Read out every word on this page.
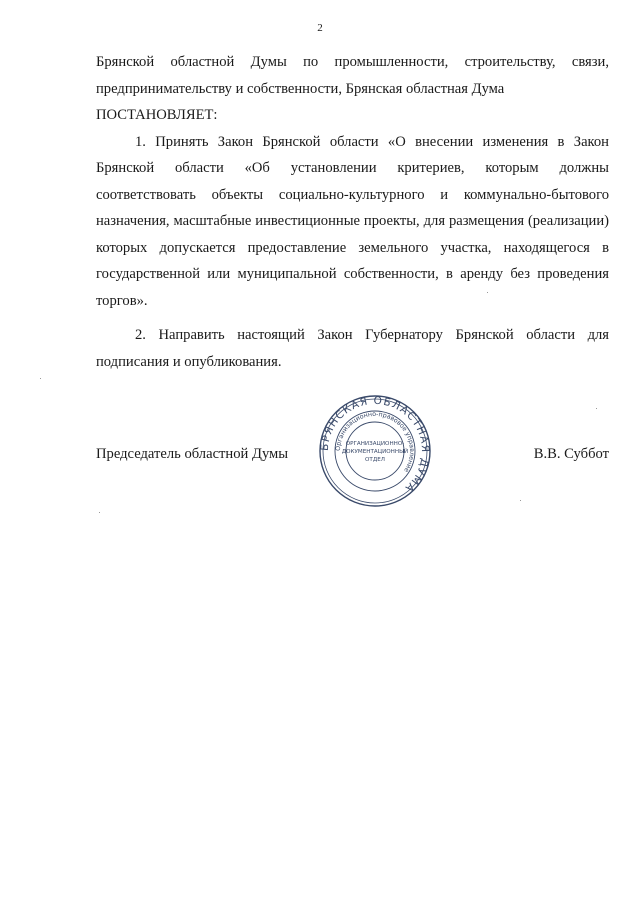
2

Брянской областной Думы по промышленности, строительству, связи, предпринимательству и собственности, Брянская областная Дума

ПОСТАНОВЛЯЕТ:

1. Принять Закон Брянской области «О внесении изменения в Закон Брянской области «Об установлении критериев, которым должны соответствовать объекты социально-культурного и коммунально-бытового назначения, масштабные инвестиционные проекты, для размещения (реализации) которых допускается предоставление земельного участка, находящегося в государственной или муниципальной собственности, в аренду без проведения торгов».

2. Направить настоящий Закон Губернатору Брянской области для подписания и опубликования.

Председатель областной Думы	В.В. Суббот
БРЯНСКАЯ ОБЛАСТНАЯ ДУМА
Организационно-правовое управление
ОРГАНИЗАЦИОННО-
ДОКУМЕНТАЦИОННЫЙ
ОТДЕЛ
